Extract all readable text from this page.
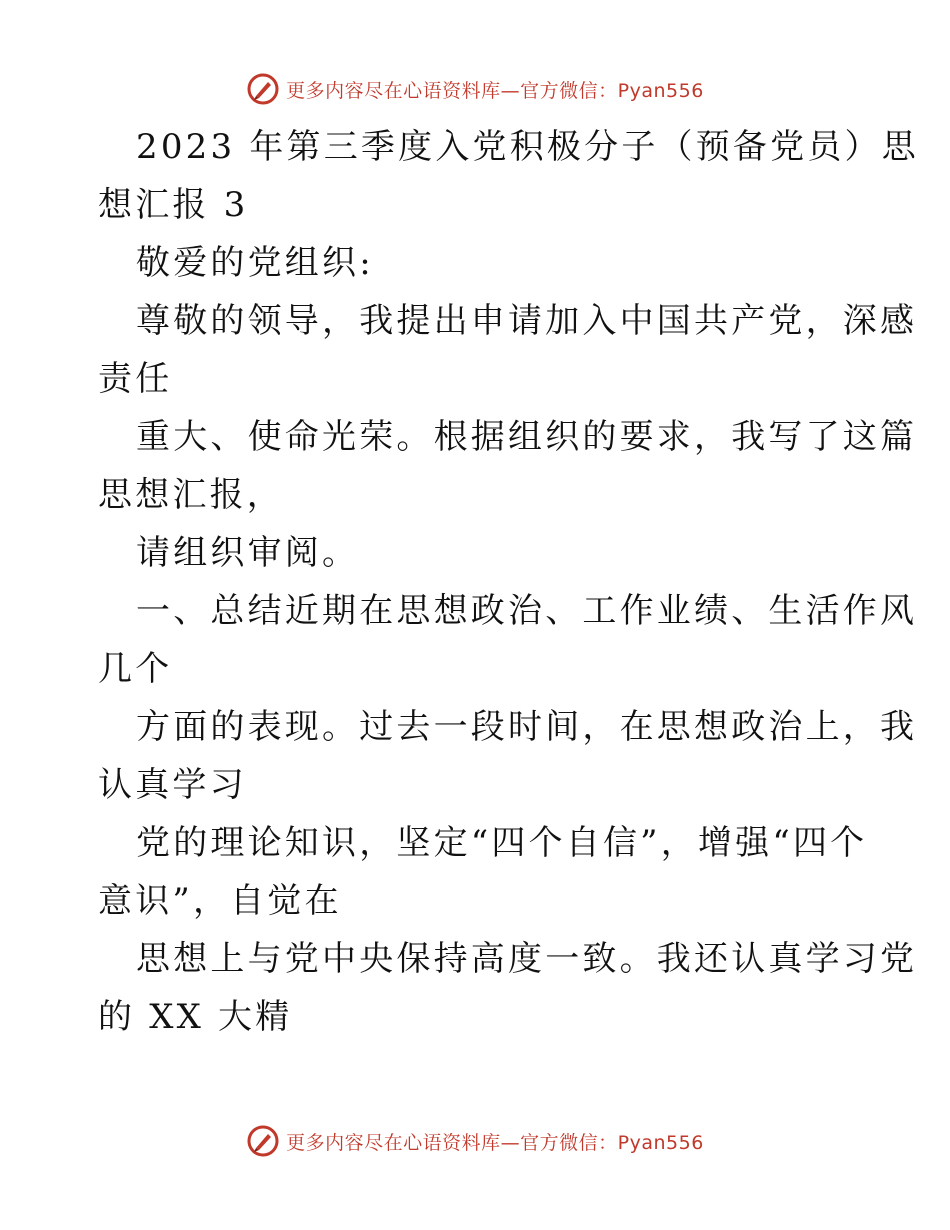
更多内容尽在心语资料库—官方微信：Pyan556
2023 年第三季度入党积极分子（预备党员）思
想汇报 3
敬爱的党组织:
尊敬的领导，我提出申请加入中国共产党，深感
责任
重大、使命光荣。根据组织的要求，我写了这篇
思想汇报，
请组织审阅。
一、总结近期在思想政治、工作业绩、生活作风
几个
方面的表现。过去一段时间，在思想政治上，我
认真学习
党的理论知识，坚定“四个自信”，增强“四个
意识”，自觉在
思想上与党中央保持高度一致。我还认真学习党
的 XX 大精
更多内容尽在心语资料库—官方微信：Pyan556
